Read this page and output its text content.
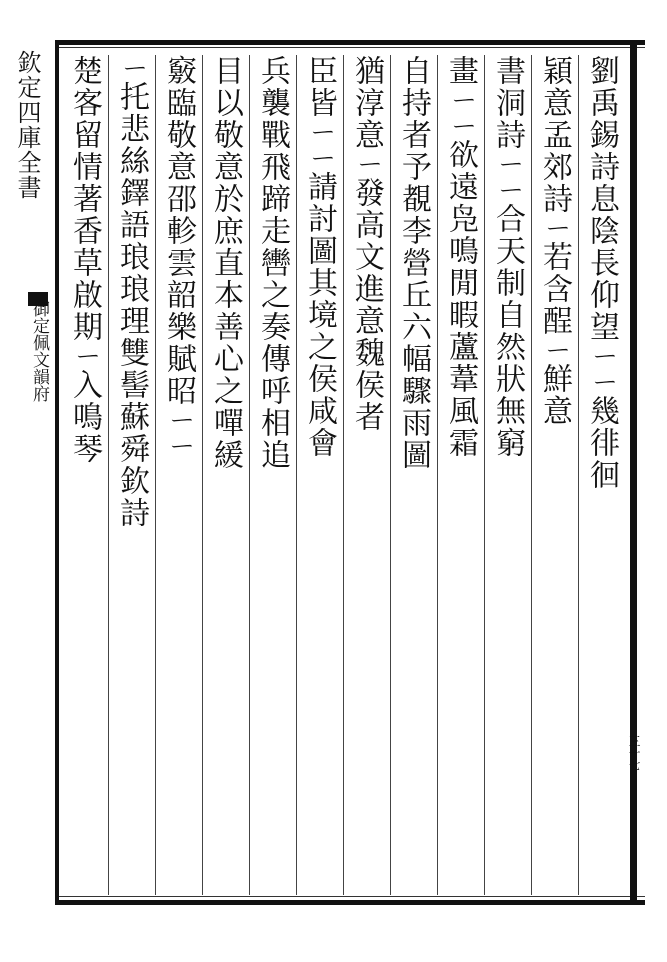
欽定四庫全書
御定佩文韻府
三十七
劉禹錫詩息陰長仰望ㄧㄧ幾徘徊
穎意孟郊詩ㄧ若含酲ㄧ鮮意
書洞詩ㄧㄧ合天制自然狀無窮
畫ㄧㄧ欲遠凫鳴閒暇蘆葦風霜
自持者予覩李營丘六幅驟雨圖
猶淳意ㄧ發高文進意魏侯者
臣皆ㄧㄧ請討圖其境之侯咸會
兵襲戰飛蹄走轡之奏傳呼相追
目以敬意於庶直本善心之嘽緩
竅臨敬意邵軫雲韶樂賦昭ㄧㄧ
ㄧ托悲絲鐸語琅琅理雙髻蘇舜欽詩
楚客留情著香草啟期ㄧ入鳴琴
